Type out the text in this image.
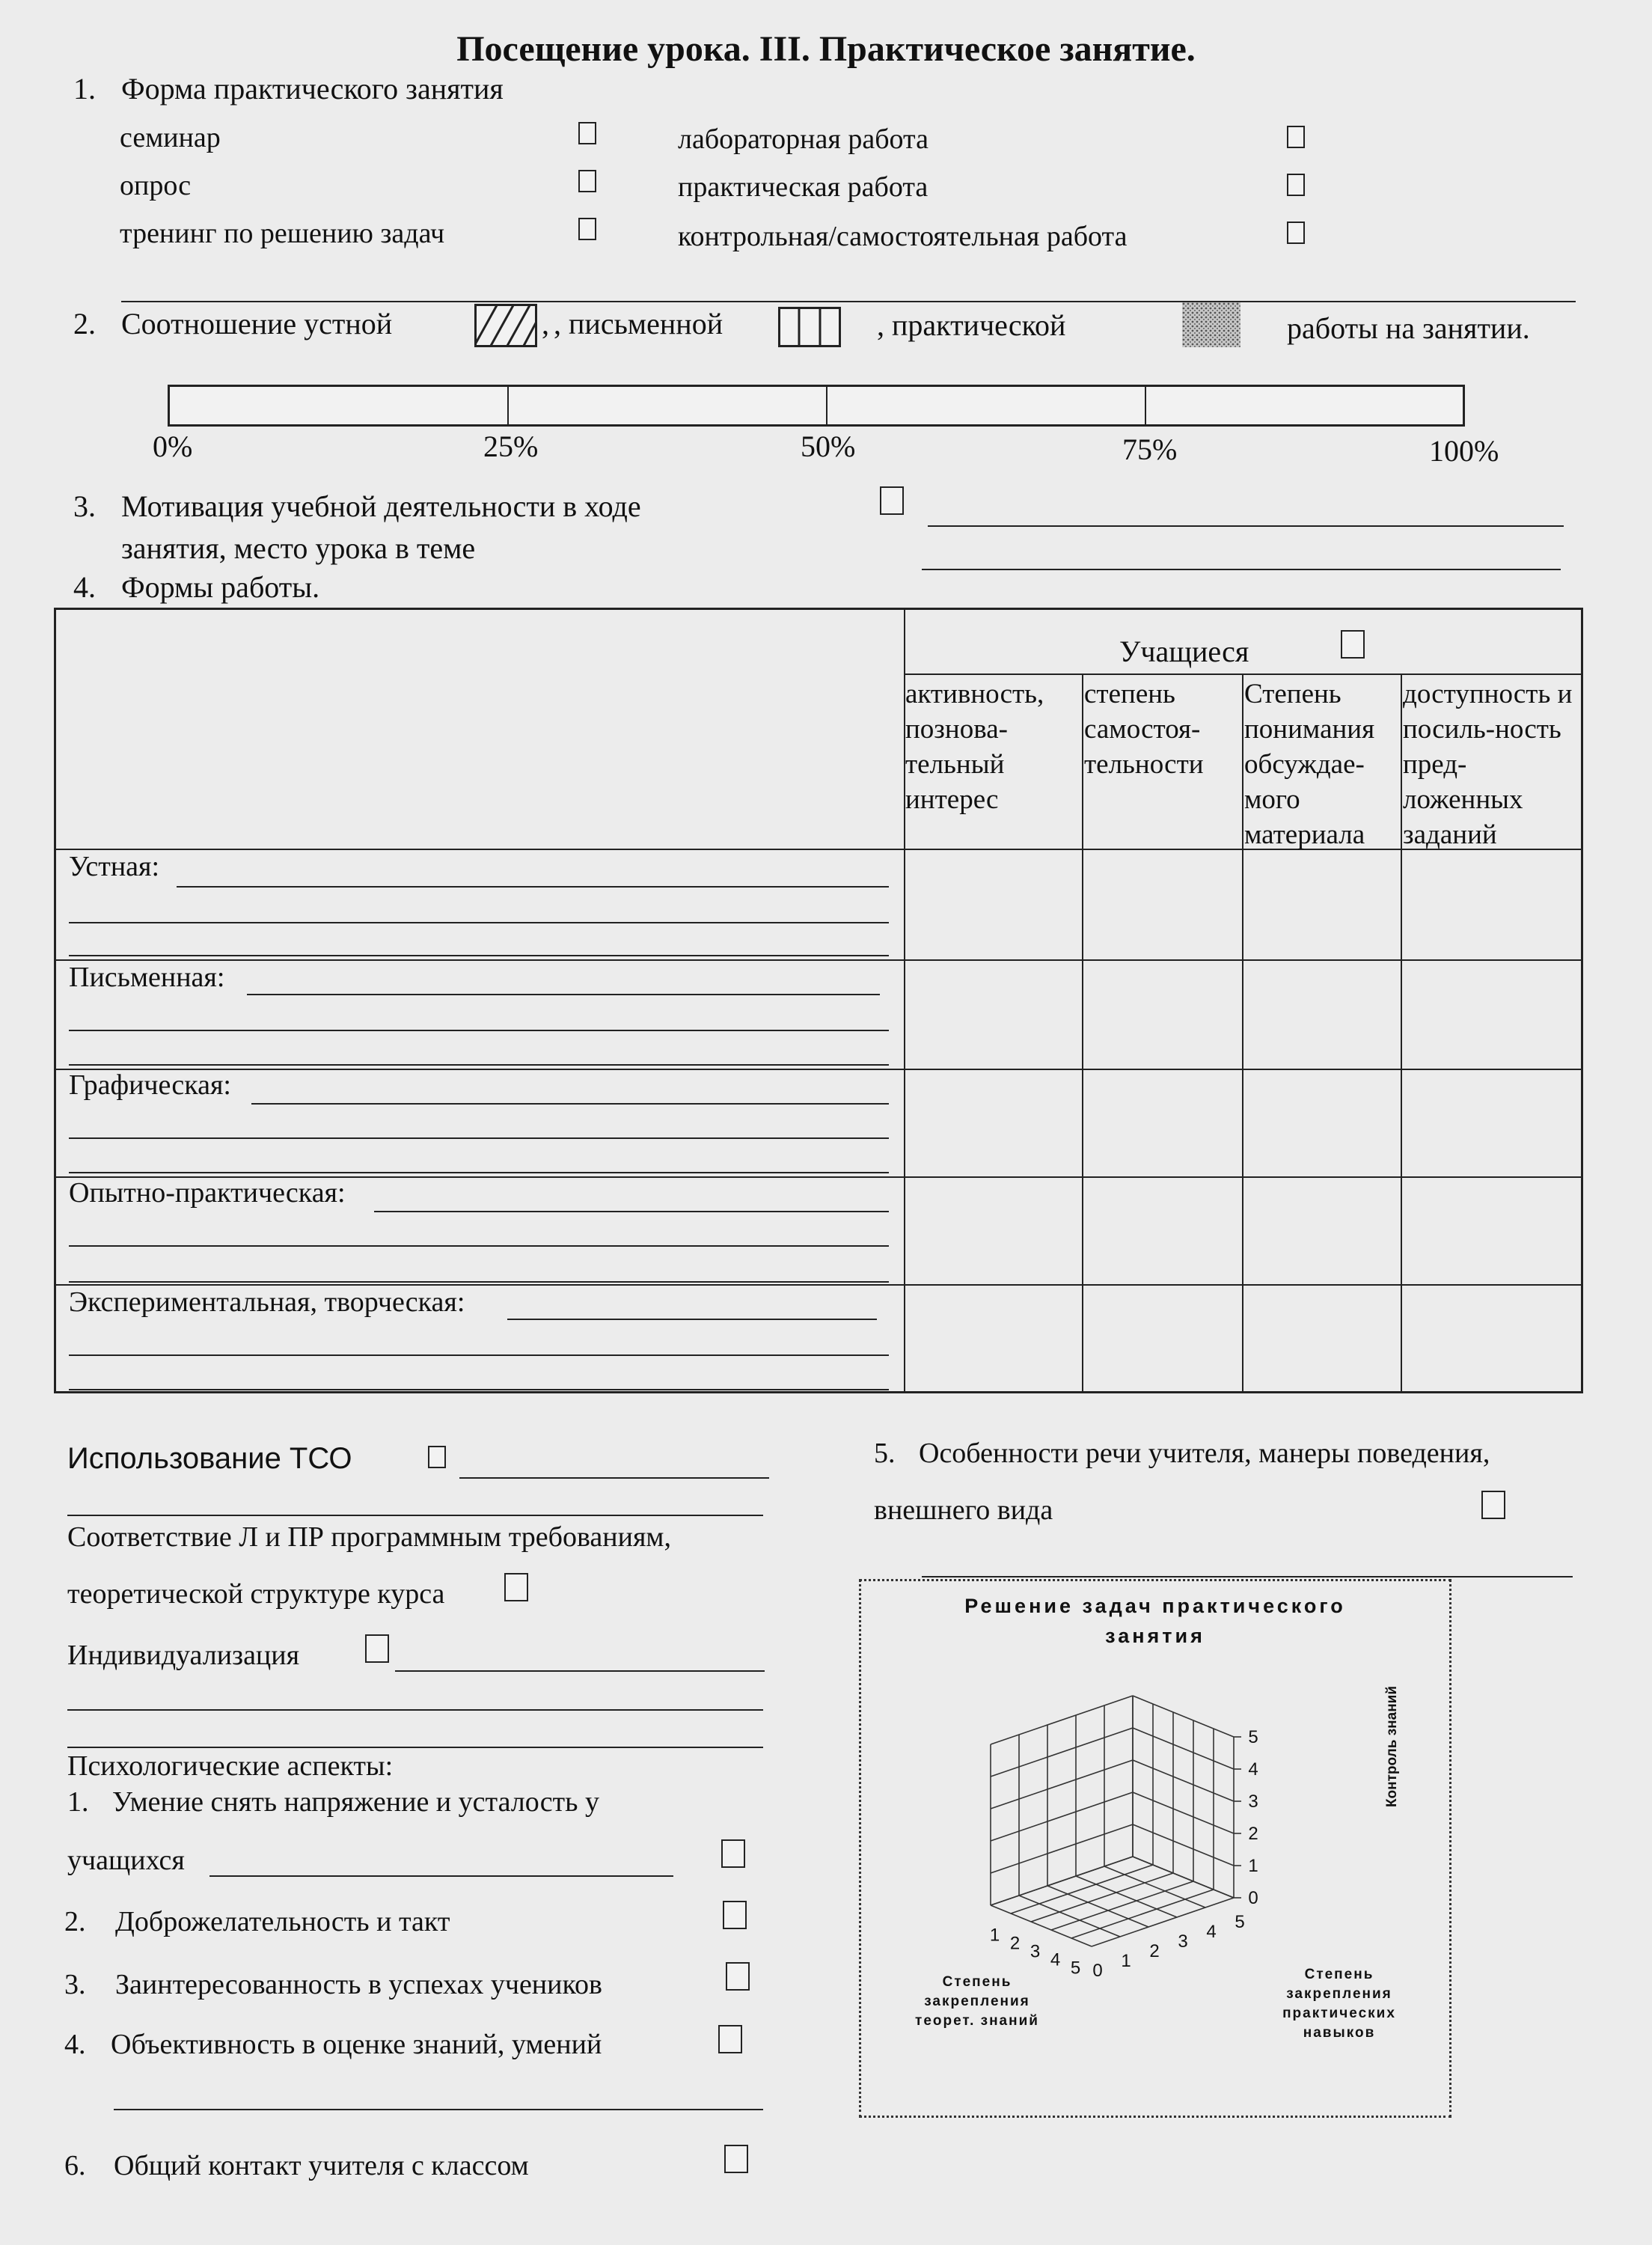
Посещение урока. III. Практическое занятие.
1. Форма практического занятия
семинар
опрос
тренинг по решению задач
лабораторная работа
практическая работа
контрольная/самостоятельная работа
2. Соотношение устной	, , письменной	, практической	работы на занятии.
0%	25%	50%	75%	100%
3. Мотивация учебной деятельности в ходе
занятия, место урока в теме
4. Формы работы.
Учащиеся
активность, познова-тельный интерес
степень самостоя-тельности
Степень понимания обсуждае-мого материала
доступность и посиль-ность пред-ложенных заданий
Устная:
Письменная:
Графическая:
Опытно-практическая:
Экспериментальная, творческая:
Использование ТСО
Соответствие Л и ПР программным требованиям,
теоретической структуре курса
Индивидуализация
Психологические аспекты:
1. Умение снять напряжение и усталость у
учащихся
2. Доброжелательность и такт
3. Заинтересованность в успехах учеников
4. Объективность в оценке знаний, умений
6. Общий контакт учителя с классом
5. Особенности речи учителя, манеры поведения,
внешнего вида
Решение задач практического
занятия
0
1
2
3
4
5
1 2 3 4 5
5
4
3
2
1
0
Контроль знаний
Степень
закрепления
теорет. знаний
Степень
закрепления
практических
навыков
